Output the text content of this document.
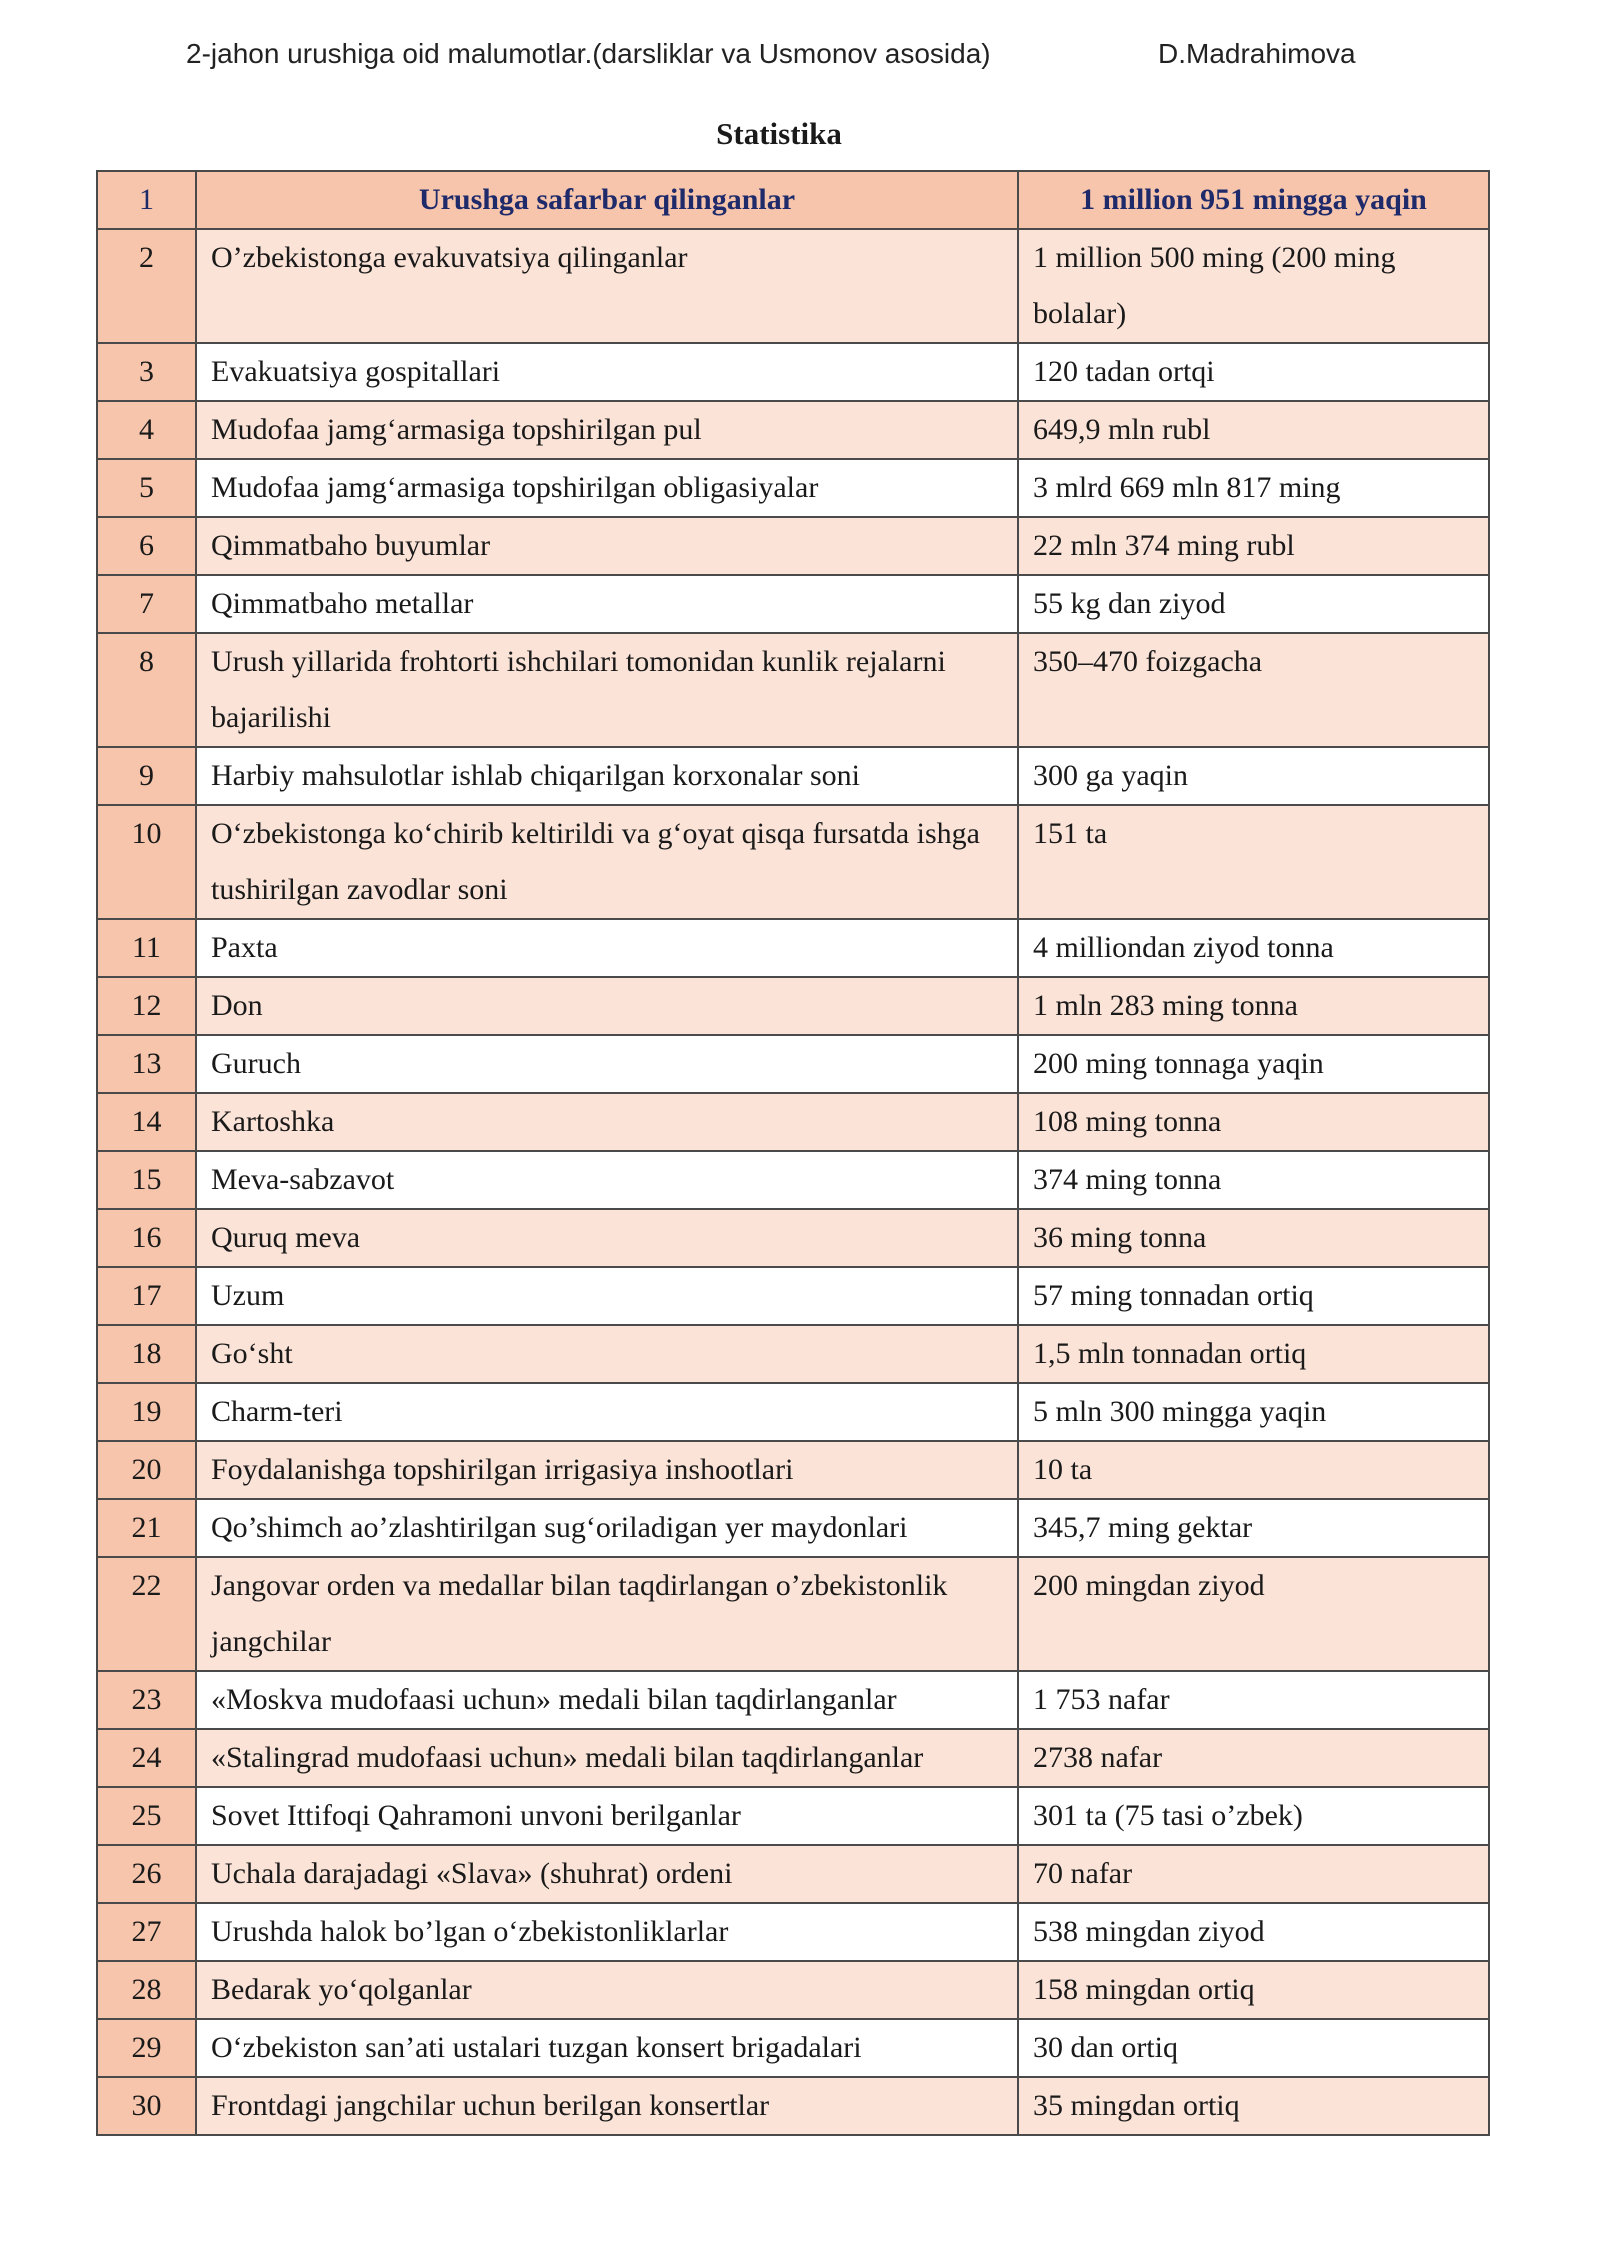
2-jahon urushiga oid malumotlar.(darsliklar va Usmonov asosida)	D.Madrahimova
Statistika
1	Urushga safarbar qilinganlar	1 million 951 mingga yaqin
2	O’zbekistonga evakuvatsiya qilinganlar	1 million 500 ming (200 ming bolalar)
3	Evakuatsiya gospitallari	120 tadan ortqi
4	Mudofaa jamg‘armasiga topshirilgan pul	649,9 mln rubl
5	Mudofaa jamg‘armasiga topshirilgan obligasiyalar	3 mlrd 669 mln 817 ming
6	Qimmatbaho buyumlar	22 mln 374 ming rubl
7	Qimmatbaho metallar	55 kg dan ziyod
8	Urush yillarida frohtorti ishchilari tomonidan kunlik rejalarni bajarilishi	350–470 foizgacha
9	Harbiy mahsulotlar ishlab chiqarilgan korxonalar soni	300 ga yaqin
10	O‘zbekistonga ko‘chirib keltirildi va g‘oyat qisqa fursatda ishga tushirilgan zavodlar soni	151 ta
11	Paxta	4 milliondan ziyod tonna
12	Don	1 mln 283 ming tonna
13	Guruch	200 ming tonnaga yaqin
14	Kartoshka	108 ming tonna
15	Meva-sabzavot	374 ming tonna
16	Quruq meva	36 ming tonna
17	Uzum	57 ming tonnadan ortiq
18	Go‘sht	1,5 mln tonnadan ortiq
19	Charm-teri	5 mln 300 mingga yaqin
20	Foydalanishga topshirilgan irrigasiya inshootlari	10 ta
21	Qo’shimch ao’zlashtirilgan sug‘oriladigan yer maydonlari	345,7 ming gektar
22	Jangovar orden va medallar bilan taqdirlangan o’zbekistonlik jangchilar	200 mingdan ziyod
23	«Moskva mudofaasi uchun» medali bilan taqdirlanganlar	1 753 nafar
24	«Stalingrad mudofaasi uchun» medali bilan taqdirlanganlar	2738 nafar
25	Sovet Ittifoqi Qahramoni unvoni berilganlar	301 ta (75 tasi o’zbek)
26	Uchala darajadagi «Slava» (shuhrat) ordeni	70 nafar
27	Urushda halok bo’lgan o‘zbekistonliklarlar	538 mingdan ziyod
28	Bedarak yo‘qolganlar	158 mingdan ortiq
29	O‘zbekiston san’ati ustalari tuzgan konsert brigadalari	30 dan ortiq
30	Frontdagi jangchilar uchun berilgan konsertlar	35 mingdan ortiq
